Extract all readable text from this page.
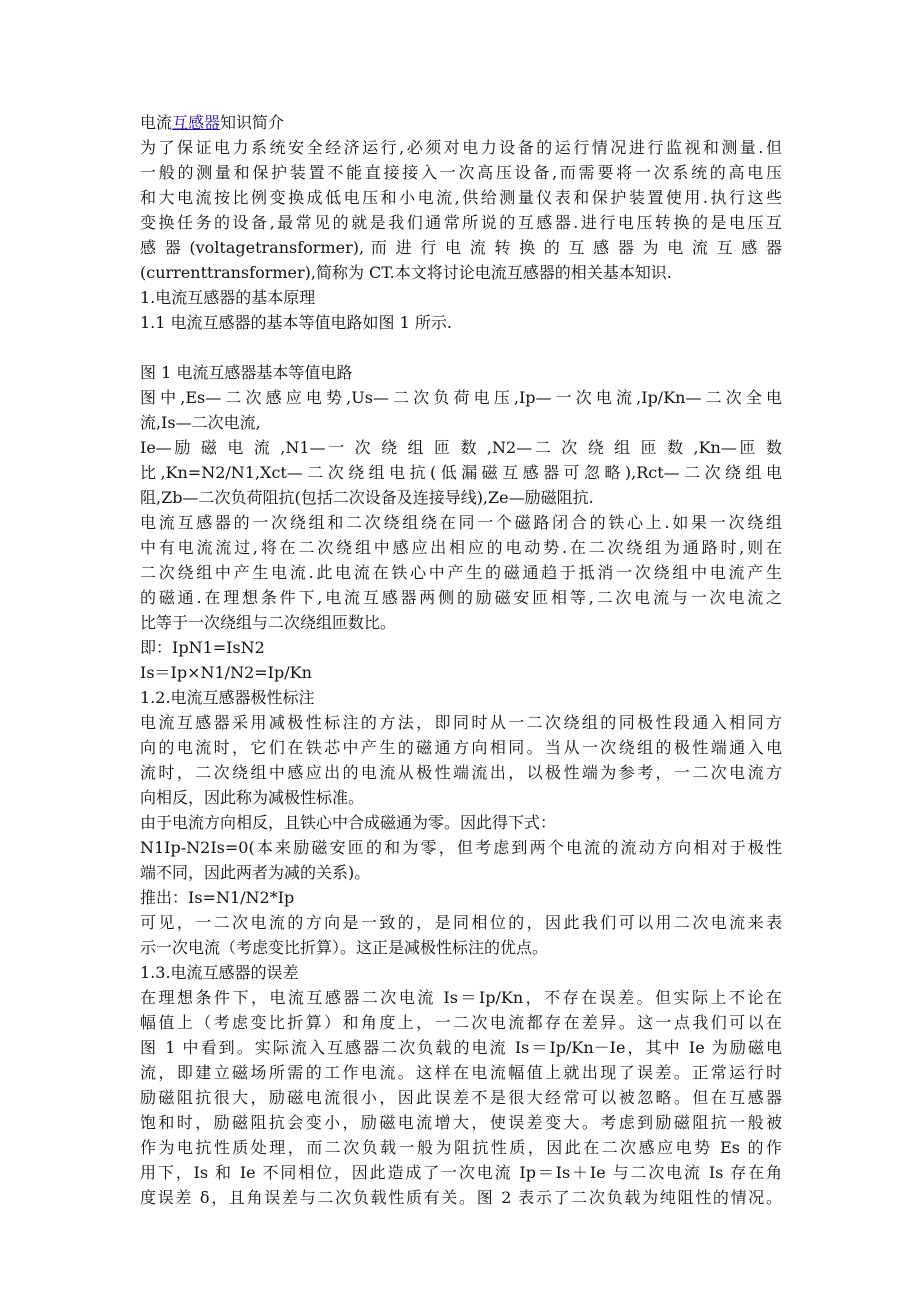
电流互感器知识简介
为了保证电力系统安全经济运行,必须对电力设备的运行情况进行监视和测量.但
一般的测量和保护装置不能直接接入一次高压设备,而需要将一次系统的高电压
和大电流按比例变换成低电压和小电流,供给测量仪表和保护装置使用.执行这些
变换任务的设备,最常见的就是我们通常所说的互感器.进行电压转换的是电压互
感 器 (voltagetransformer), 而 进 行 电 流 转 换 的 互 感 器 为 电 流 互 感 器
(currenttransformer),简称为 CT.本文将讨论电流互感器的相关基本知识.
1.电流互感器的基本原理
1.1 电流互感器的基本等值电路如图 1 所示.
图 1 电流互感器基本等值电路
图中,Es—二次感应电势,Us—二次负荷电压,Ip—一次电流,Ip/Kn—二次全电
流,Is—二次电流,
Ie—励 磁 电 流 ,N1—一 次 绕 组 匝 数 ,N2—二 次 绕 组 匝 数 ,Kn—匝 数
比,Kn=N2/N1,Xct—二次绕组电抗(低漏磁互感器可忽略),Rct—二次绕组电
阻,Zb—二次负荷阻抗(包括二次设备及连接导线),Ze—励磁阻抗.
电流互感器的一次绕组和二次绕组绕在同一个磁路闭合的铁心上.如果一次绕组
中有电流流过,将在二次绕组中感应出相应的电动势.在二次绕组为通路时,则在
二次绕组中产生电流.此电流在铁心中产生的磁通趋于抵消一次绕组中电流产生
的磁通.在理想条件下,电流互感器两侧的励磁安匝相等,二次电流与一次电流之
比等于一次绕组与二次绕组匝数比。
即：IpN1=IsN2
Is＝Ip×N1/N2=Ip/Kn
1.2.电流互感器极性标注
电流互感器采用减极性标注的方法，即同时从一二次绕组的同极性段通入相同方
向的电流时，它们在铁芯中产生的磁通方向相同。当从一次绕组的极性端通入电
流时，二次绕组中感应出的电流从极性端流出，以极性端为参考，一二次电流方
向相反，因此称为减极性标准。
由于电流方向相反，且铁心中合成磁通为零。因此得下式：
N1Ip-N2Is=0(本来励磁安匝的和为零，但考虑到两个电流的流动方向相对于极性
端不同，因此两者为减的关系)。
推出：Is=N1/N2*Ip
可见，一二次电流的方向是一致的，是同相位的，因此我们可以用二次电流来表
示一次电流（考虑变比折算）。这正是减极性标注的优点。
1.3.电流互感器的误差
在理想条件下，电流互感器二次电流 Is＝Ip/Kn，不存在误差。但实际上不论在
幅值上（考虑变比折算）和角度上，一二次电流都存在差异。这一点我们可以在
图 1 中看到。实际流入互感器二次负载的电流 Is＝Ip/Kn－Ie，其中 Ie 为励磁电
流，即建立磁场所需的工作电流。这样在电流幅值上就出现了误差。正常运行时
励磁阻抗很大，励磁电流很小，因此误差不是很大经常可以被忽略。但在互感器
饱和时，励磁阻抗会变小，励磁电流增大，使误差变大。考虑到励磁阻抗一般被
作为电抗性质处理，而二次负载一般为阻抗性质，因此在二次感应电势 Es 的作
用下，Is 和 Ie 不同相位，因此造成了一次电流 Ip＝Is＋Ie 与二次电流 Is 存在角
度误差 δ，且角误差与二次负载性质有关。图 2 表示了二次负载为纯阻性的情况。
